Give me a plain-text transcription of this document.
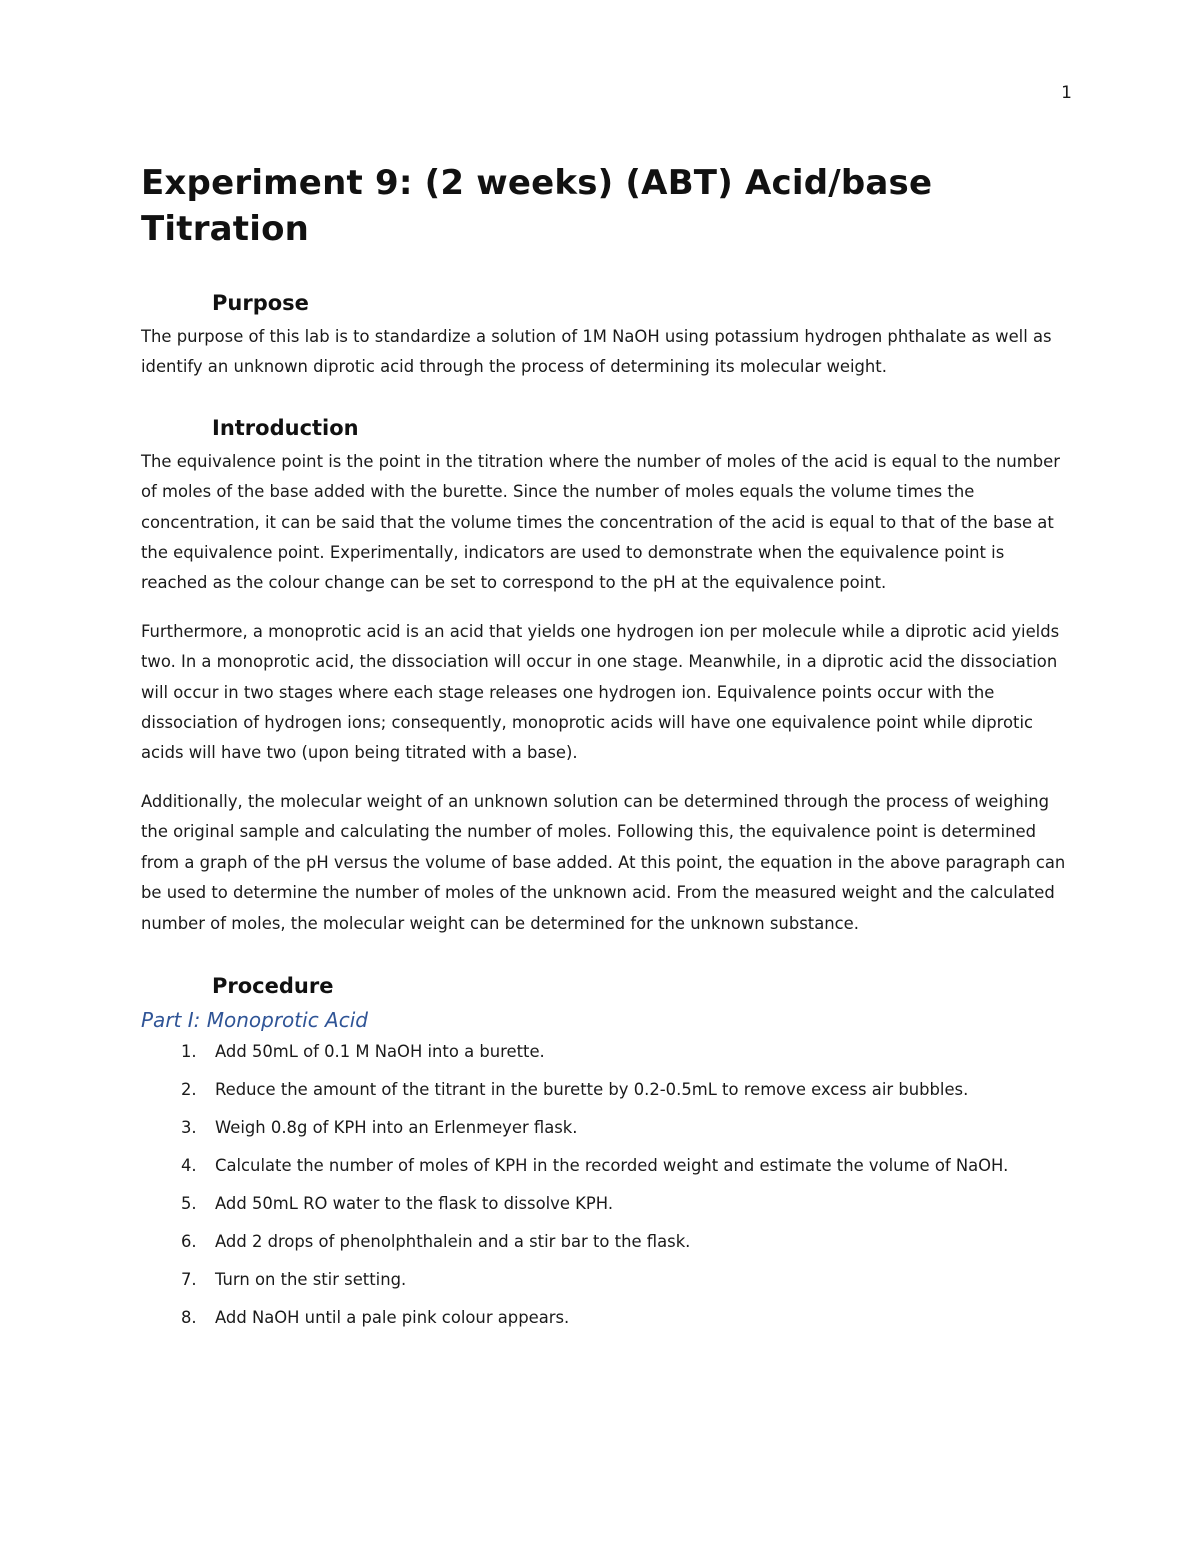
1
Experiment 9: (2 weeks) (ABT) Acid/base Titration
Purpose

The purpose of this lab is to standardize a solution of 1M NaOH using potassium hydrogen phthalate as well as identify an unknown diprotic acid through the process of determining its molecular weight.

Introduction

The equivalence point is the point in the titration where the number of moles of the acid is equal to the number of moles of the base added with the burette. Since the number of moles equals the volume times the concentration, it can be said that the volume times the concentration of the acid is equal to that of the base at the equivalence point. Experimentally, indicators are used to demonstrate when the equivalence point is reached as the colour change can be set to correspond to the pH at the equivalence point.

Furthermore, a monoprotic acid is an acid that yields one hydrogen ion per molecule while a diprotic acid yields two. In a monoprotic acid, the dissociation will occur in one stage. Meanwhile, in a diprotic acid the dissociation will occur in two stages where each stage releases one hydrogen ion. Equivalence points occur with the dissociation of hydrogen ions; consequently, monoprotic acids will have one equivalence point while diprotic acids will have two (upon being titrated with a base).

Additionally, the molecular weight of an unknown solution can be determined through the process of weighing the original sample and calculating the number of moles. Following this, the equivalence point is determined from a graph of the pH versus the volume of base added. At this point, the equation in the above paragraph can be used to determine the number of moles of the unknown acid. From the measured weight and the calculated number of moles, the molecular weight can be determined for the unknown substance.

Procedure
Part I: Monoprotic Acid
1.	Add 50mL of 0.1 M NaOH into a burette.
2.	Reduce the amount of the titrant in the burette by 0.2-0.5mL to remove excess air bubbles.
3.	Weigh 0.8g of KPH into an Erlenmeyer flask.
4.	Calculate the number of moles of KPH in the recorded weight and estimate the volume of NaOH.
5.	Add 50mL RO water to the flask to dissolve KPH.
6.	Add 2 drops of phenolphthalein and a stir bar to the flask.
7.	Turn on the stir setting.
8.	Add NaOH until a pale pink colour appears.
